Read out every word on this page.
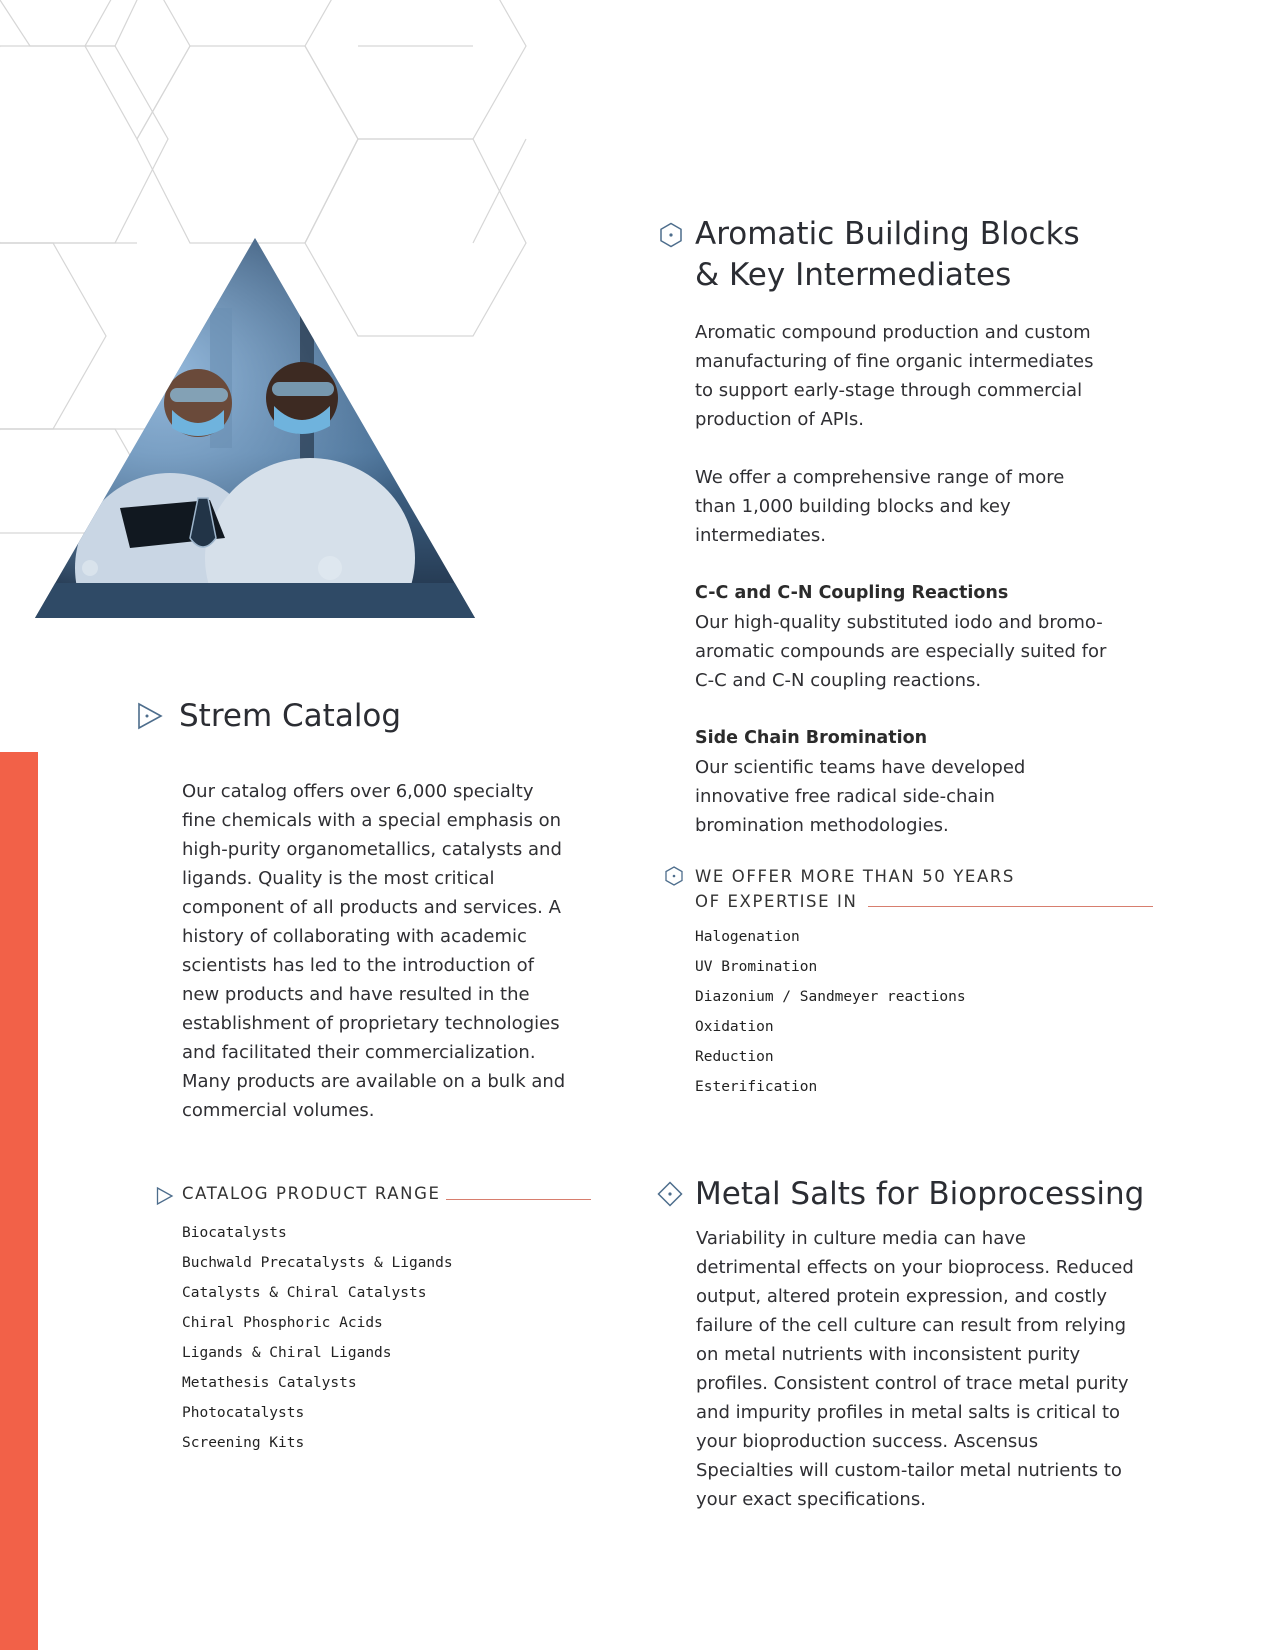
Aromatic Building Blocks
& Key Intermediates

Aromatic compound production and custom manufacturing of fine organic intermediates to support early-stage through commercial production of APIs.

We offer a comprehensive range of more than 1,000 building blocks and key intermediates.

C-C and C-N Coupling Reactions

Our high-quality substituted iodo and bromo-aromatic compounds are especially suited for C-C and C-N coupling reactions.

Side Chain Bromination

Our scientific teams have developed innovative free radical side-chain bromination methodologies.

WE OFFER MORE THAN 50 YEARS
OF EXPERTISE IN
Halogenation
UV Bromination
Diazonium / Sandmeyer reactions
Oxidation
Reduction
Esterification
Metal Salts for Bioprocessing

Variability in culture media can have detrimental effects on your bioprocess. Reduced output, altered protein expression, and costly failure of the cell culture can result from relying on metal nutrients with inconsistent purity profiles. Consistent control of trace metal purity and impurity profiles in metal salts is critical to your bioproduction success. Ascensus Specialties will custom-tailor metal nutrients to your exact specifications.

Strem Catalog

Our catalog offers over 6,000 specialty fine chemicals with a special emphasis on high-purity organometallics, catalysts and ligands. Quality is the most critical component of all products and services. A history of collaborating with academic scientists has led to the introduction of new products and have resulted in the establishment of proprietary technologies and facilitated their commercialization. Many products are available on a bulk and commercial volumes.

CATALOG PRODUCT RANGE
Biocatalysts
Buchwald Precatalysts & Ligands
Catalysts & Chiral Catalysts
Chiral Phosphoric Acids
Ligands & Chiral Ligands
Metathesis Catalysts
Photocatalysts
Screening Kits
